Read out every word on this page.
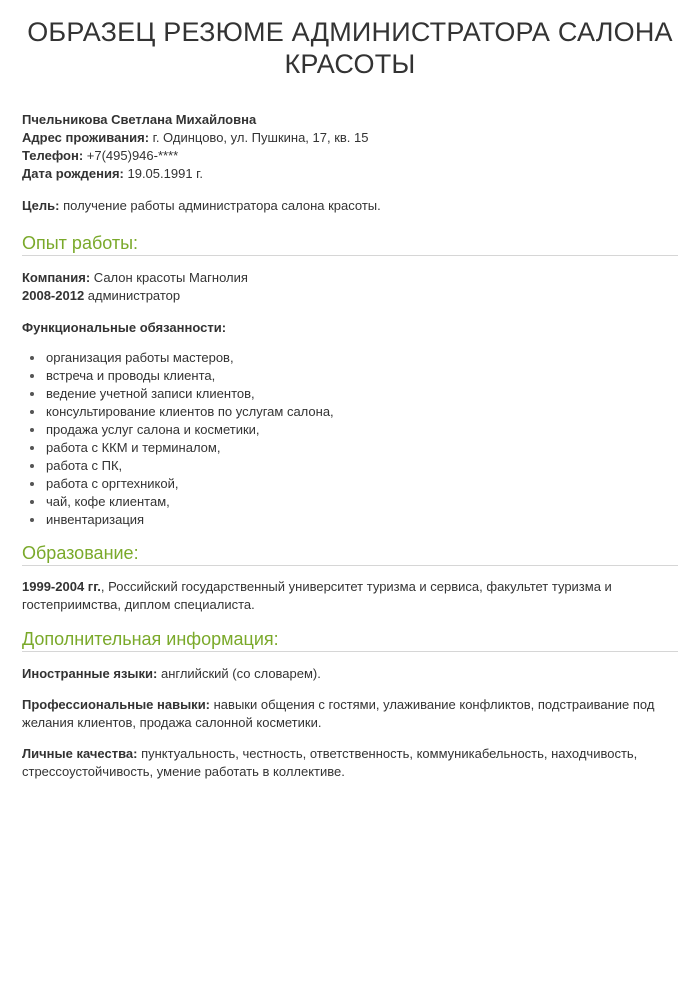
ОБРАЗЕЦ РЕЗЮМЕ АДМИНИСТРАТОРА САЛОНА КРАСОТЫ
Пчельникова Светлана Михайловна
Адрес проживания: г. Одинцово, ул. Пушкина, 17, кв. 15
Телефон: +7(495)946-****
Дата рождения: 19.05.1991 г.
Цель: получение работы администратора салона красоты.
Опыт работы:
Компания: Салон красоты Магнолия
2008-2012 администратор
Функциональные обязанности:
организация работы мастеров,
встреча и проводы клиента,
ведение учетной записи клиентов,
консультирование клиентов по услугам салона,
продажа услуг салона и косметики,
работа с ККМ и терминалом,
работа с ПК,
работа с оргтехникой,
чай, кофе клиентам,
инвентаризация
Образование:
1999-2004 гг., Российский государственный университет туризма и сервиса, факультет туризма и гостеприимства, диплом специалиста.
Дополнительная информация:
Иностранные языки: английский (со словарем).
Профессиональные навыки: навыки общения с гостями, улаживание конфликтов, подстраивание под желания клиентов, продажа салонной косметики.
Личные качества: пунктуальность, честность, ответственность, коммуникабельность, находчивость, стрессоустойчивость, умение работать в коллективе.
